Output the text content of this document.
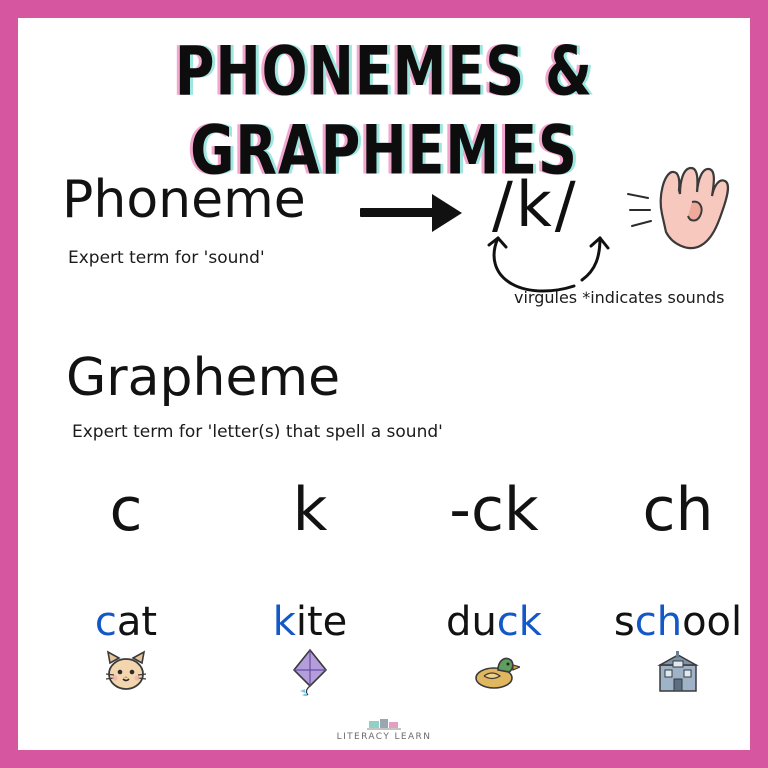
PHONEMES & GRAPHEMES
Phoneme
Expert term for 'sound'
/k/
virgules *indicates sounds
Grapheme
Expert term for 'letter(s) that spell a sound'
c
cat
k
kite
-ck
duck
ch
school
LITERACY LEARN
